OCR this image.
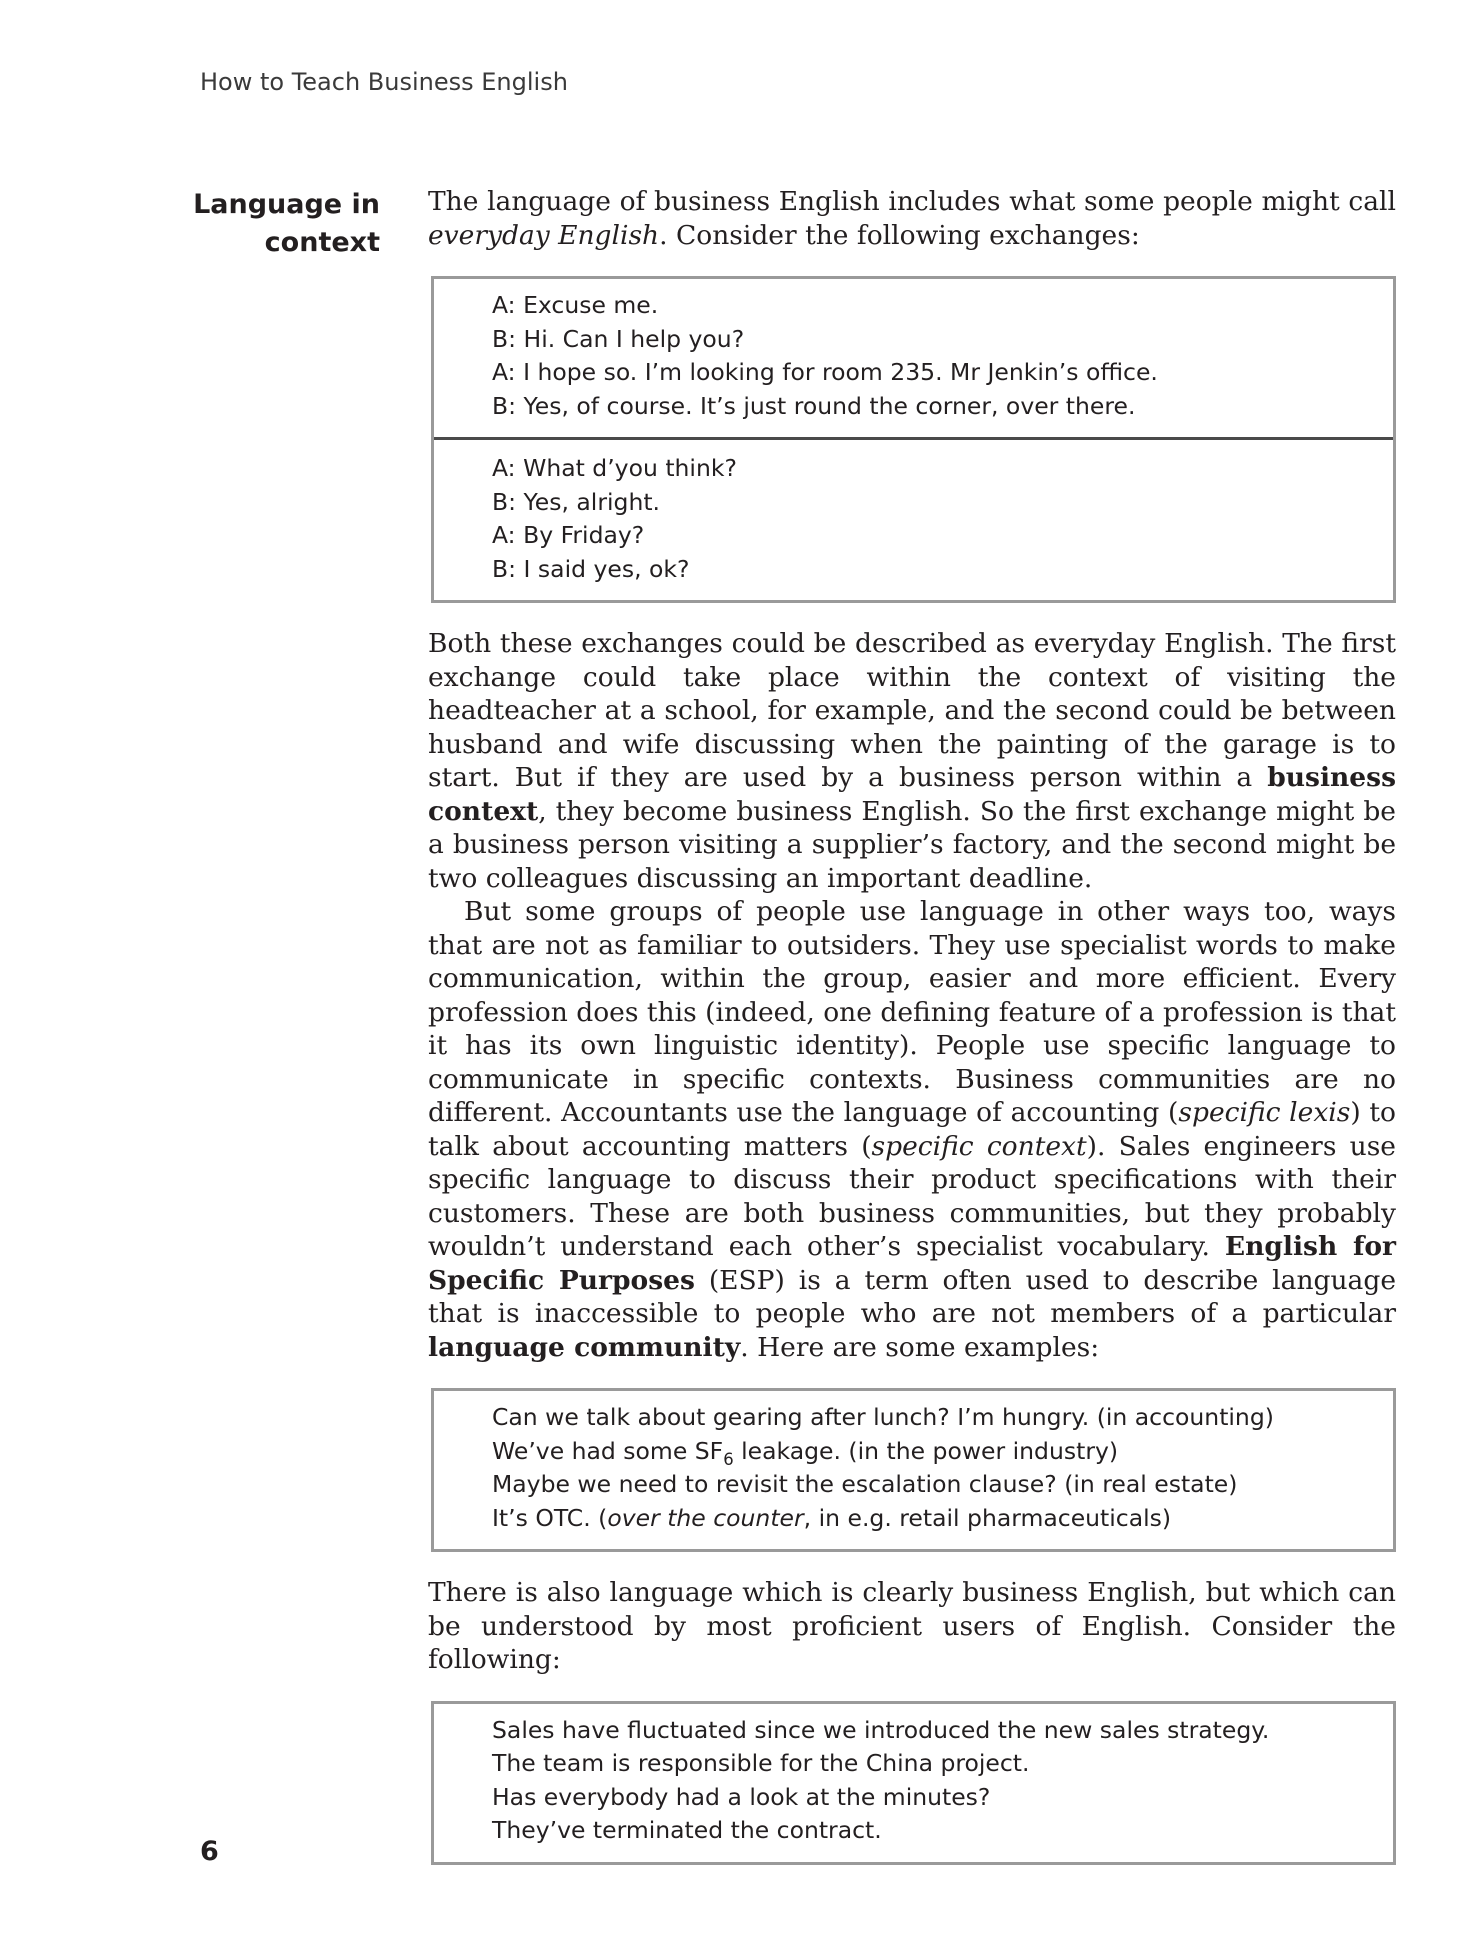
How to Teach Business English
Language in
context

The language of business English includes what some people might call everyday English. Consider the following exchanges:

A: Excuse me.
B: Hi. Can I help you?
A: I hope so. I’m looking for room 235. Mr Jenkin’s office.
B: Yes, of course. It’s just round the corner, over there.
A: What d’you think?
B: Yes, alright.
A: By Friday?
B: I said yes, ok?

Both these exchanges could be described as everyday English. The first exchange could take place within the context of visiting the headteacher at a school, for example, and the second could be between husband and wife discussing when the painting of the garage is to start. But if they are used by a business person within a business context, they become business English. So the first exchange might be a business person visiting a supplier’s factory, and the second might be two colleagues discussing an important deadline.

But some groups of people use language in other ways too, ways that are not as familiar to outsiders. They use specialist words to make communication, within the group, easier and more efficient. Every profession does this (indeed, one defining feature of a profession is that it has its own linguistic identity). People use specific language to communicate in specific contexts. Business communities are no different. Accountants use the language of accounting (specific lexis) to talk about accounting matters (specific context). Sales engineers use specific language to discuss their product specifications with their customers. These are both business communities, but they probably wouldn’t understand each other’s specialist vocabulary. English for Specific Purposes (ESP) is a term often used to describe language that is inaccessible to people who are not members of a particular language community. Here are some examples:

Can we talk about gearing after lunch? I’m hungry. (in accounting)
We’ve had some $SF_6$ leakage. (in the power industry)
Maybe we need to revisit the escalation clause? (in real estate)
It’s OTC. (over the counter, in e.g. retail pharmaceuticals)

There is also language which is clearly business English, but which can be understood by most proficient users of English. Consider the following:

Sales have fluctuated since we introduced the new sales strategy.
The team is responsible for the China project.
Has everybody had a look at the minutes?
They’ve terminated the contract.
6
